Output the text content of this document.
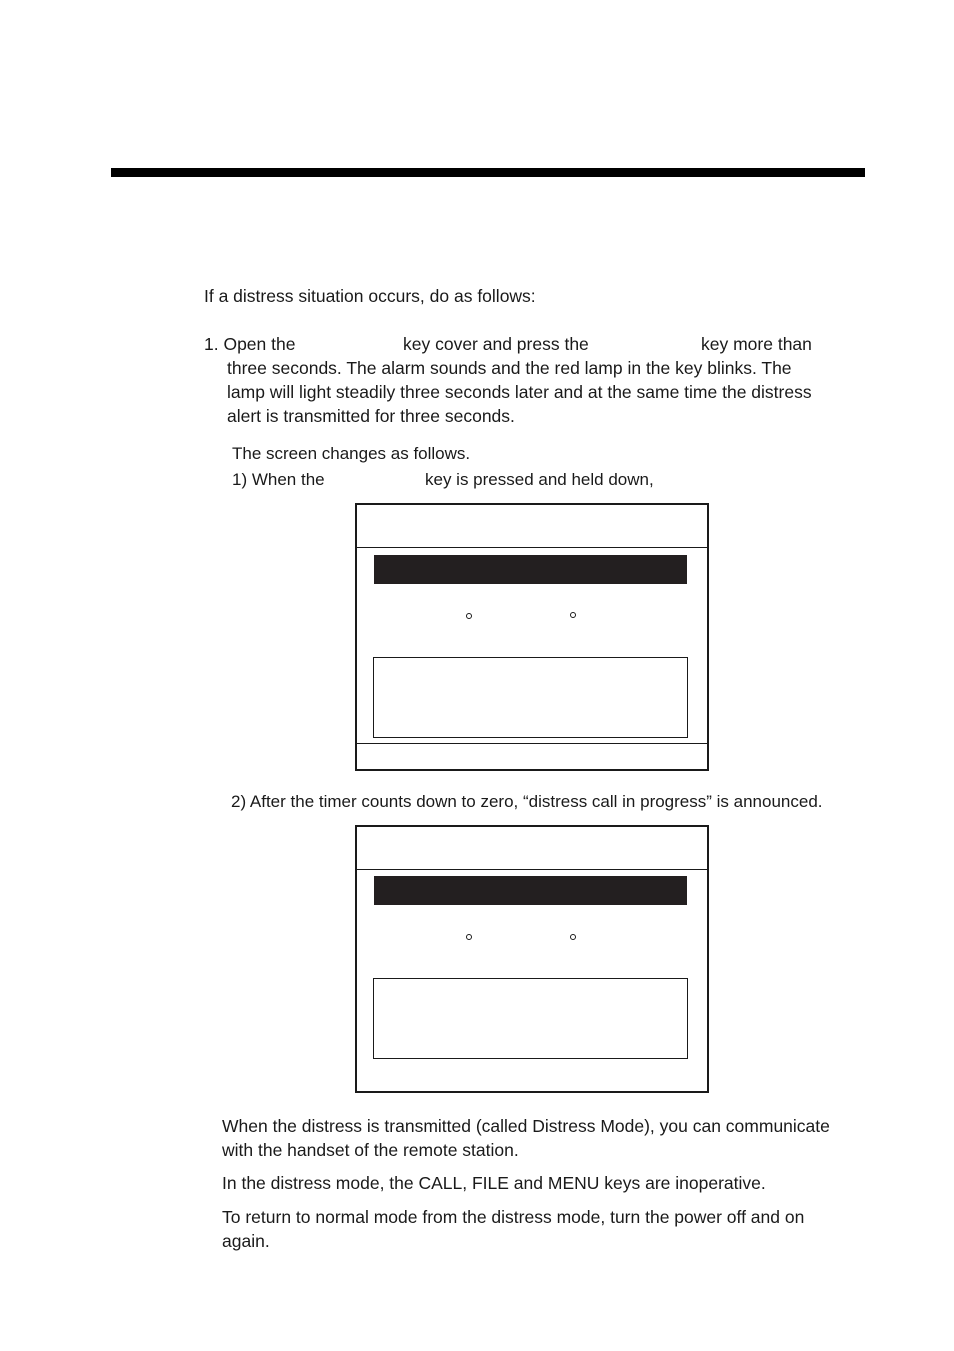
If a distress situation occurs, do as follows:

1. Open the	key cover and press the	key more than

three seconds. The alarm sounds and the red lamp in the key blinks. The

lamp will light steadily three seconds later and at the same time the distress

alert is transmitted for three seconds.

The screen changes as follows.

1) When the	key is pressed and held down,

2) After the timer counts down to zero, “distress call in progress” is announced.

When the distress is transmitted (called Distress Mode), you can communicate

with the handset of the remote station.

In the distress mode, the CALL, FILE and MENU keys are inoperative.

To return to normal mode from the distress mode, turn the power off and on

again.
